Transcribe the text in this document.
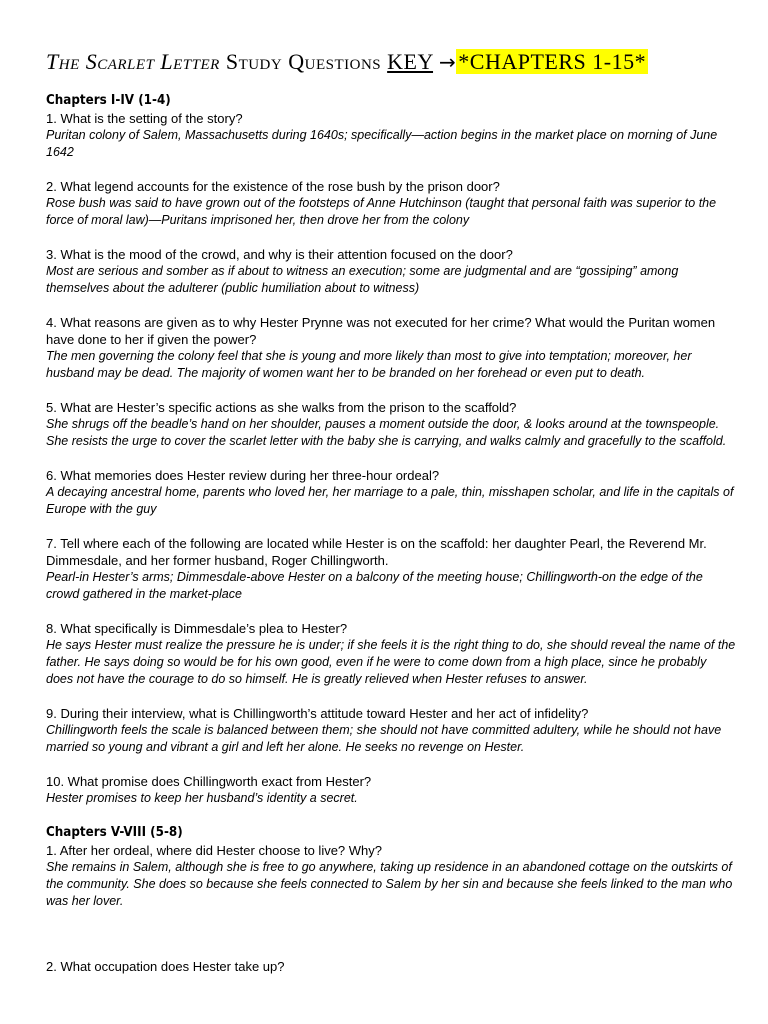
The Scarlet Letter Study Questions KEY →*CHAPTERS 1-15*
Chapters I-IV (1-4)

1. What is the setting of the story?

Puritan colony of Salem, Massachusetts during 1640s; specifically—action begins in the market place on morning of June 1642

2. What legend accounts for the existence of the rose bush by the prison door?

Rose bush was said to have grown out of the footsteps of Anne Hutchinson (taught that personal faith was superior to the force of moral law)—Puritans imprisoned her, then drove her from the colony

3. What is the mood of the crowd, and why is their attention focused on the door?

Most are serious and somber as if about to witness an execution; some are judgmental and are “gossiping” among themselves about the adulterer (public humiliation about to witness)

4. What reasons are given as to why Hester Prynne was not executed for her crime? What would the Puritan women have done to her if given the power?

The men governing the colony feel that she is young and more likely than most to give into temptation; moreover, her husband may be dead. The majority of women want her to be branded on her forehead or even put to death.

5. What are Hester’s specific actions as she walks from the prison to the scaffold?

She shrugs off the beadle’s hand on her shoulder, pauses a moment outside the door, & looks around at the townspeople. She resists the urge to cover the scarlet letter with the baby she is carrying, and walks calmly and gracefully to the scaffold.

6. What memories does Hester review during her three-hour ordeal?

A decaying ancestral home, parents who loved her, her marriage to a pale, thin, misshapen scholar, and life in the capitals of Europe with the guy

7. Tell where each of the following are located while Hester is on the scaffold: her daughter Pearl, the Reverend Mr. Dimmesdale, and her former husband, Roger Chillingworth.

Pearl-in Hester’s arms; Dimmesdale-above Hester on a balcony of the meeting house; Chillingworth-on the edge of the crowd gathered in the market-place

8. What specifically is Dimmesdale’s plea to Hester?

He says Hester must realize the pressure he is under; if she feels it is the right thing to do, she should reveal the name of the father. He says doing so would be for his own good, even if he were to come down from a high place, since he probably does not have the courage to do so himself. He is greatly relieved when Hester refuses to answer.

9. During their interview, what is Chillingworth’s attitude toward Hester and her act of infidelity?

Chillingworth feels the scale is balanced between them; she should not have committed adultery, while he should not have married so young and vibrant a girl and left her alone. He seeks no revenge on Hester.

10. What promise does Chillingworth exact from Hester?

Hester promises to keep her husband’s identity a secret.

Chapters V-VIII (5-8)

1. After her ordeal, where did Hester choose to live? Why?

She remains in Salem, although she is free to go anywhere, taking up residence in an abandoned cottage on the outskirts of the community. She does so because she feels connected to Salem by her sin and because she feels linked to the man who was her lover.

2. What occupation does Hester take up?
